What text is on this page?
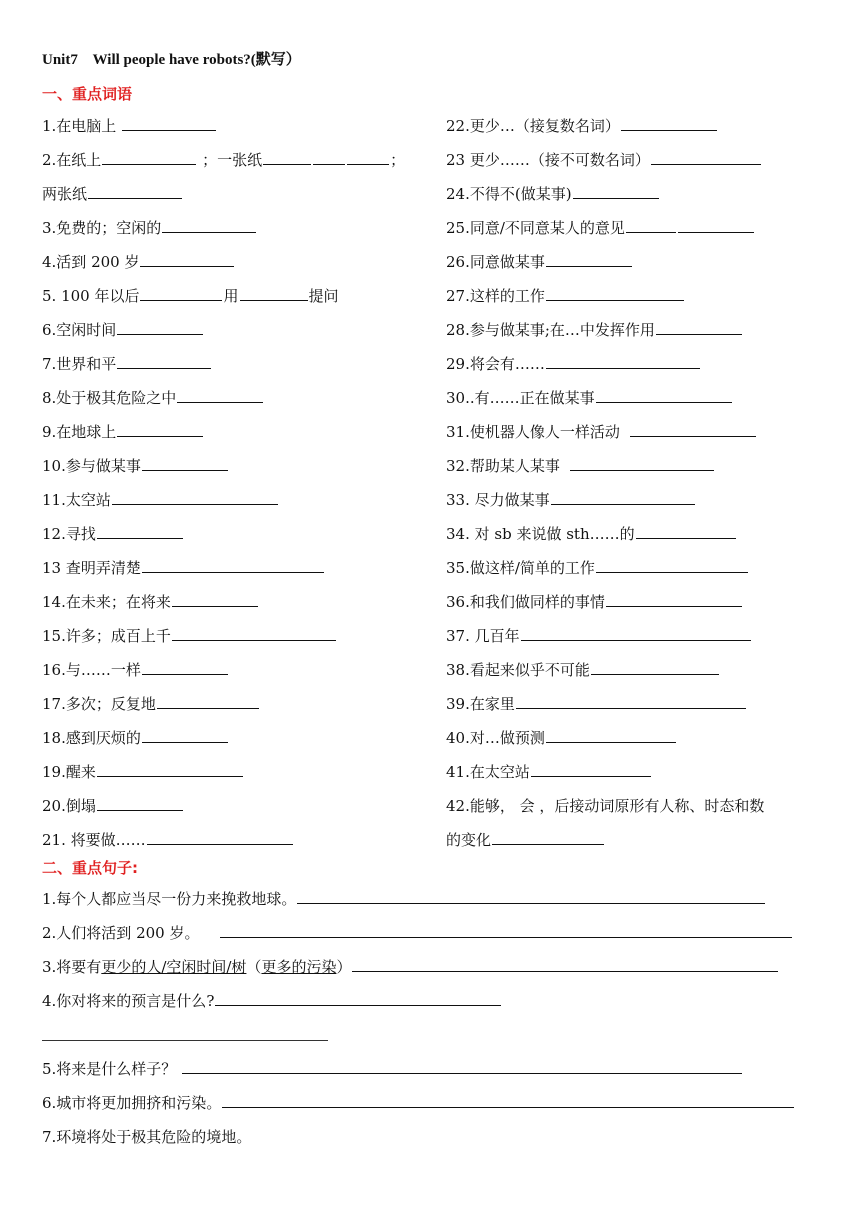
Unit7    Will people have robots?(默写）
一、重点词语
1.在电脑上
2.在纸上	；一张纸	；
两张纸
3.免费的；空闲的
4.活到 200 岁
5. 100 年以后	用	提问
6.空闲时间
7.世界和平
8.处于极其危险之中
9.在地球上
10.参与做某事
11.太空站
12.寻找
13 查明弄清楚
14.在未来；在将来
15.许多；成百上千
16.与……一样
17.多次；反复地
18.感到厌烦的
19.醒来
20.倒塌
21. 将要做……
22.更少…（接复数名词）
23 更少……（接不可数名词）
24.不得不(做某事)
25.同意/不同意某人的意见
26.同意做某事
27.这样的工作
28.参与做某事;在…中发挥作用
29.将会有……
30..有……正在做某事
31.使机器人像人一样活动
32.帮助某人某事
33. 尽力做某事
34. 对 sb 来说做 sth……的
35.做这样/简单的工作
36.和我们做同样的事情
37. 几百年
38.看起来似乎不可能
39.在家里
40.对…做预测
41.在太空站
42.能够， 会 ，后接动词原形有人称、时态和数
的变化
二、重点句子:
1.每个人都应当尽一份力来挽救地球。
2.人们将活到 200 岁。
3.将要有更少的人/空闲时间/树（更多的污染）
4.你对将来的预言是什么?
5.将来是什么样子？
6.城市将更加拥挤和污染。
7.环境将处于极其危险的境地。
